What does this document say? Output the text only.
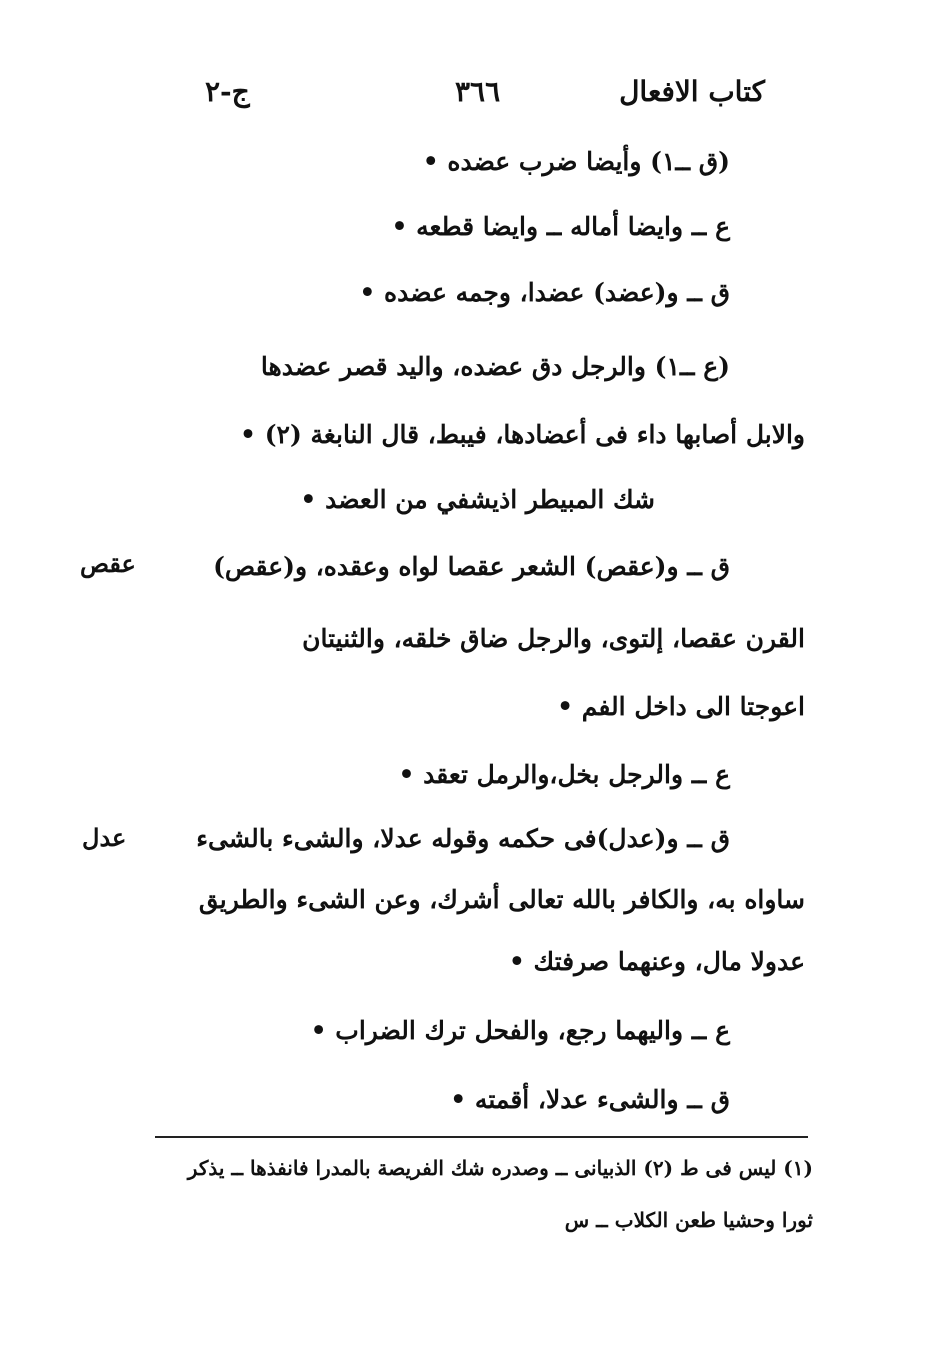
كتاب الافعال
٣٦٦
ج-٢
(ق ــ١) وأيضا ضرب عضده •
ع ــ وايضا أماله ــ وايضا قطعه •
ق ــ و(عضد) عضدا، وجمه عضده •
(ع ــ١) والرجل دق عضده، واليد قصر عضدها
والابل أصابها داء فى أعضادها، فيبط، قال النابغة (٢) •
شك المبيطر اذيشفي من العضد •
ق ــ و(عقص) الشعر عقصا لواه وعقده، و(عقص)
القرن عقصا، إلتوى، والرجل ضاق خلقه، والثنيتان
اعوجتا الى داخل الفم •
ع ــ والرجل بخل،والرمل تعقد •
ق ــ و(عدل)فى حكمه وقوله عدلا، والشىء بالشىء
ساواه به، والكافر بالله تعالى أشرك، وعن الشىء والطريق
عدولا مال، وعنهما صرفتك •
ع ــ واليهما رجع، والفحل ترك الضراب •
ق ــ والشىء عدلا، أقمته •
عقص
عدل
(١) ليس فى ط (٢) الذبيانى ــ وصدره شك الفريصة بالمدرا فانفذها ــ يذكر
ثورا وحشيا طعن الكلاب ــ س
